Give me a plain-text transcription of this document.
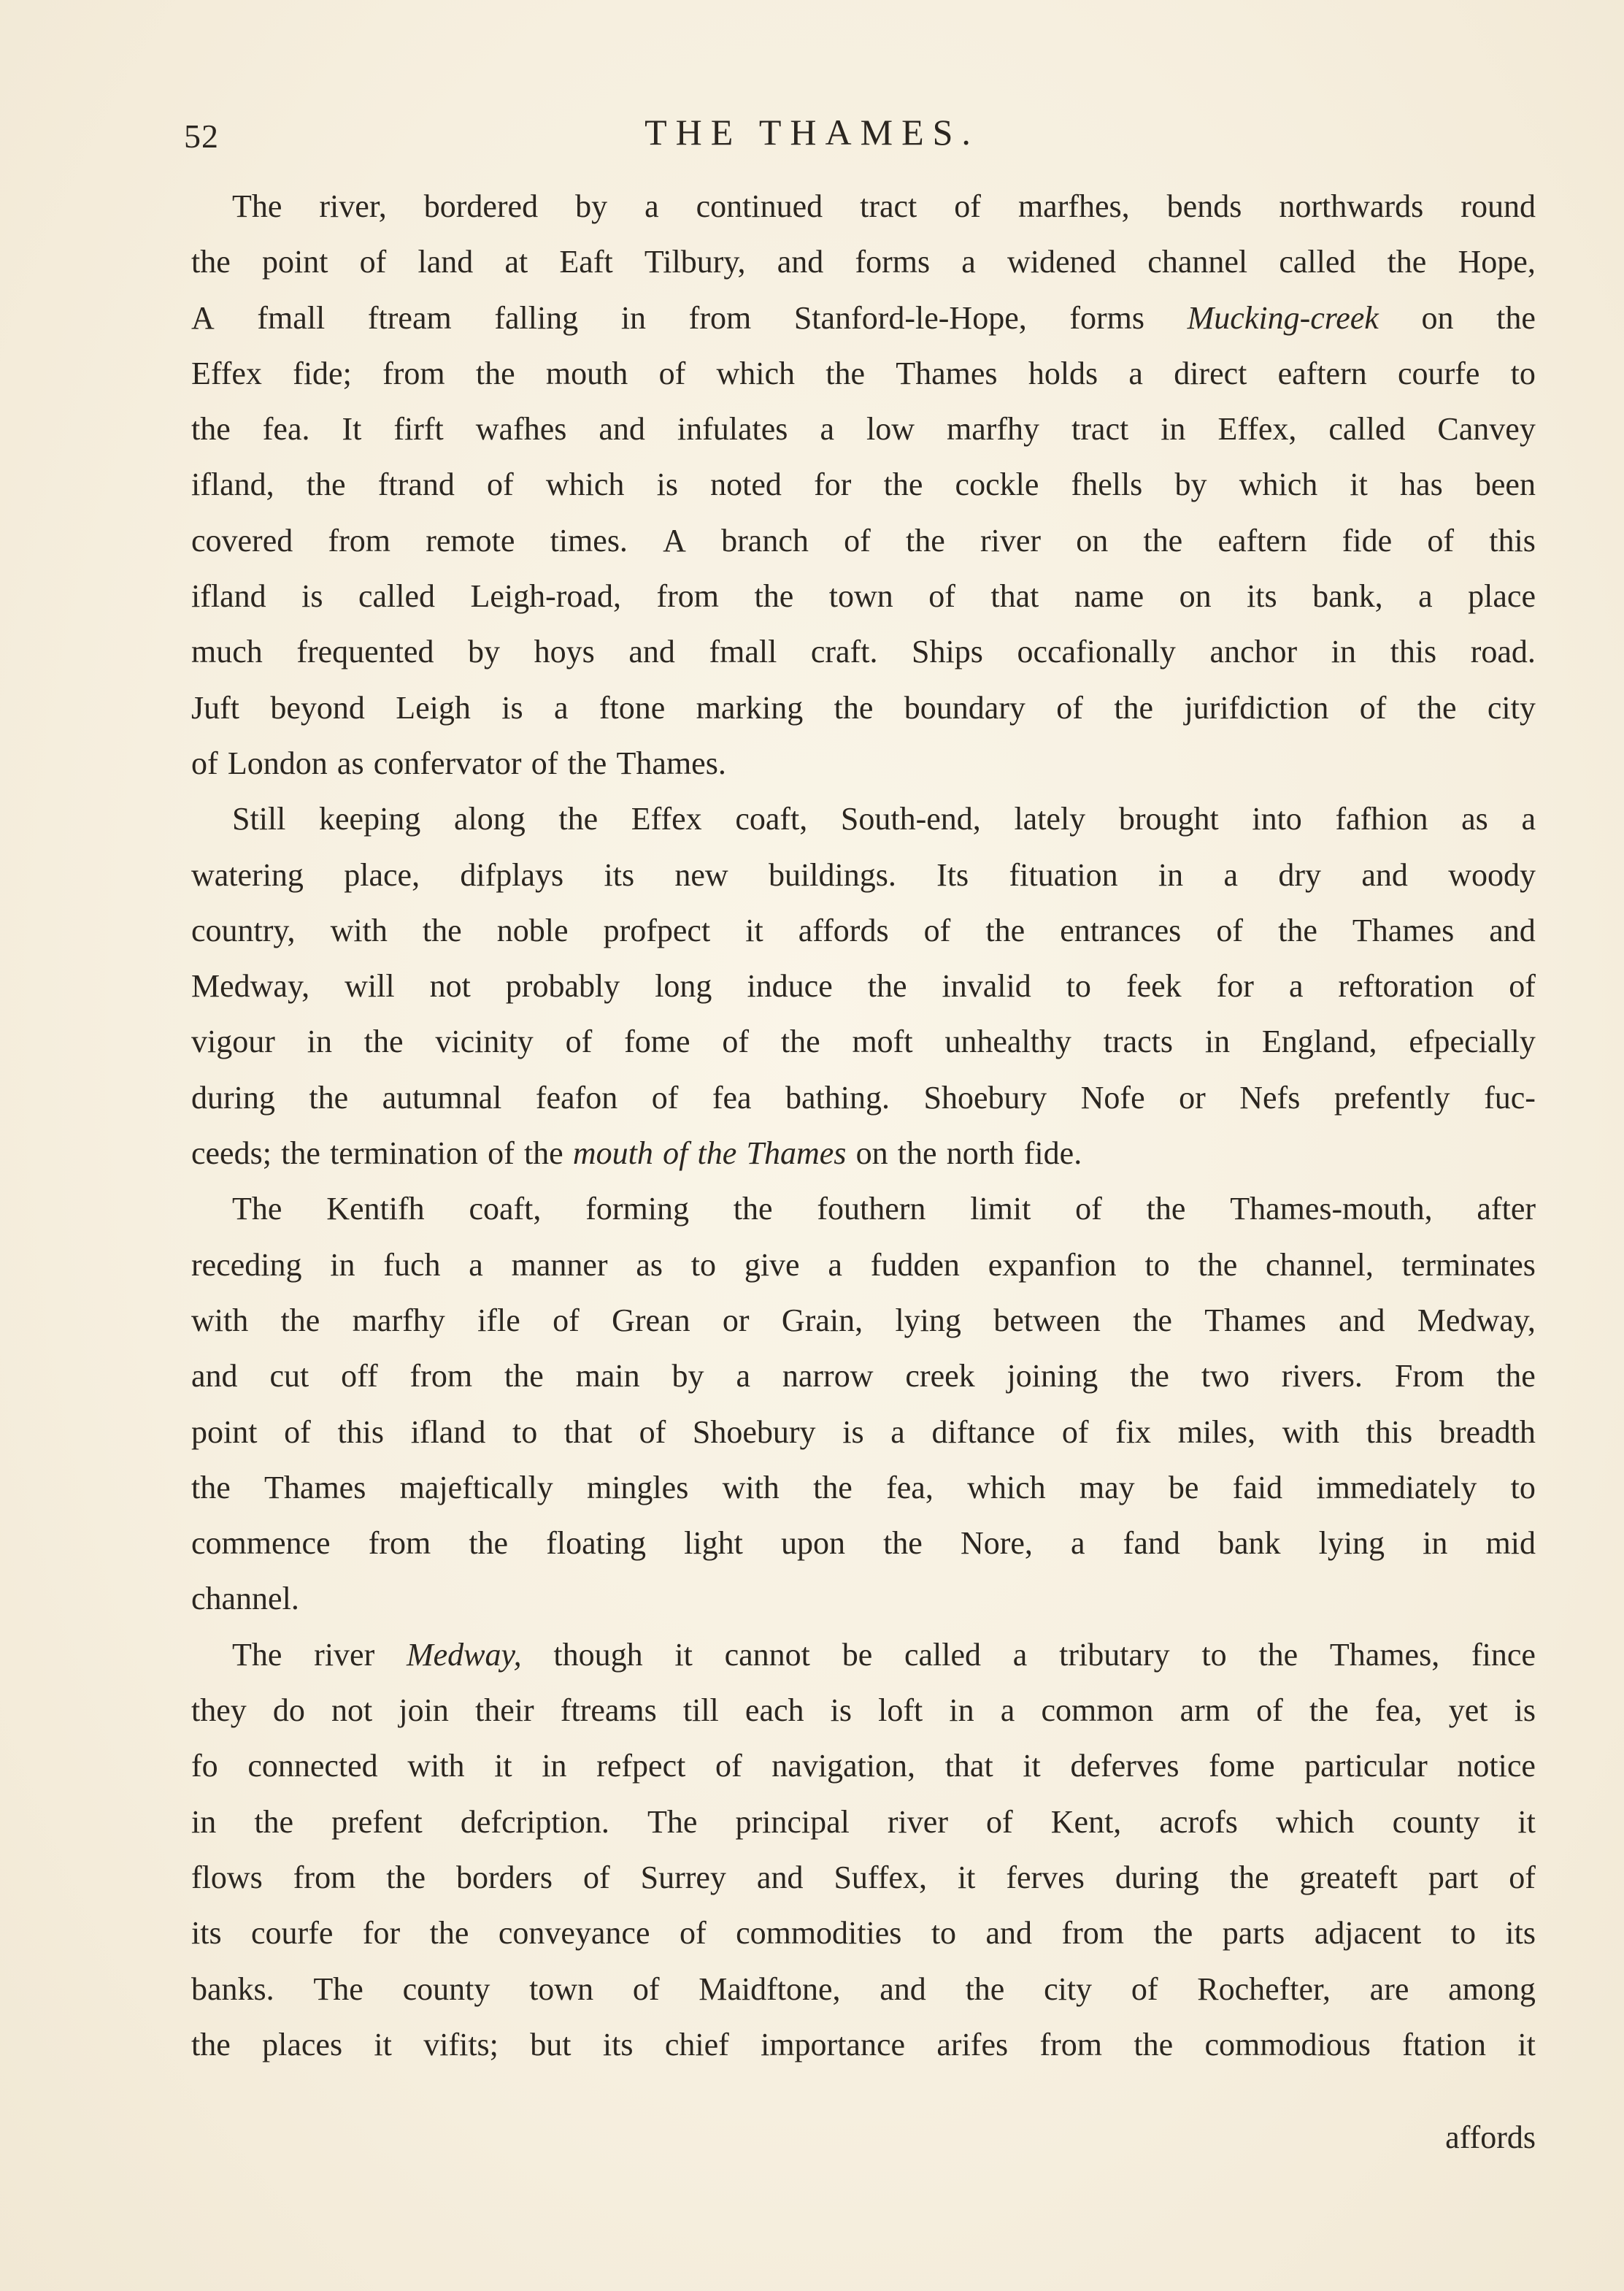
52	THE THAMES.
The river, bordered by a continued tract of marfhes, bends northwards round
the point of land at Eaft Tilbury, and forms a widened channel called the Hope,
A fmall ftream falling in from Stanford-le-Hope, forms Mucking-creek on the
Effex fide; from the mouth of which the Thames holds a direct eaftern courfe to
the fea. It firft wafhes and infulates a low marfhy tract in Effex, called Canvey
ifland, the ftrand of which is noted for the cockle fhells by which it has been
covered from remote times. A branch of the river on the eaftern fide of this
ifland is called Leigh-road, from the town of that name on its bank, a place
much frequented by hoys and fmall craft. Ships occafionally anchor in this road.
Juft beyond Leigh is a ftone marking the boundary of the jurifdiction of the city
of London as confervator of the Thames.
Still keeping along the Effex coaft, South-end, lately brought into fafhion as a
watering place, difplays its new buildings. Its fituation in a dry and woody
country, with the noble profpect it affords of the entrances of the Thames and
Medway, will not probably long induce the invalid to feek for a reftoration of
vigour in the vicinity of fome of the moft unhealthy tracts in England, efpecially
during the autumnal feafon of fea bathing. Shoebury Nofe or Nefs prefently fuc-
ceeds; the termination of the mouth of the Thames on the north fide.
The Kentifh coaft, forming the fouthern limit of the Thames-mouth, after
receding in fuch a manner as to give a fudden expanfion to the channel, terminates
with the marfhy ifle of Grean or Grain, lying between the Thames and Medway,
and cut off from the main by a narrow creek joining the two rivers. From the
point of this ifland to that of Shoebury is a diftance of fix miles, with this breadth
the Thames majeftically mingles with the fea, which may be faid immediately to
commence from the floating light upon the Nore, a fand bank lying in mid
channel.
The river Medway, though it cannot be called a tributary to the Thames, fince
they do not join their ftreams till each is loft in a common arm of the fea, yet is
fo connected with it in refpect of navigation, that it deferves fome particular notice
in the prefent defcription. The principal river of Kent, acrofs which county it
flows from the borders of Surrey and Suffex, it ferves during the greateft part of
its courfe for the conveyance of commodities to and from the parts adjacent to its
banks. The county town of Maidftone, and the city of Rochefter, are among
the places it vifits; but its chief importance arifes from the commodious ftation it
affords
